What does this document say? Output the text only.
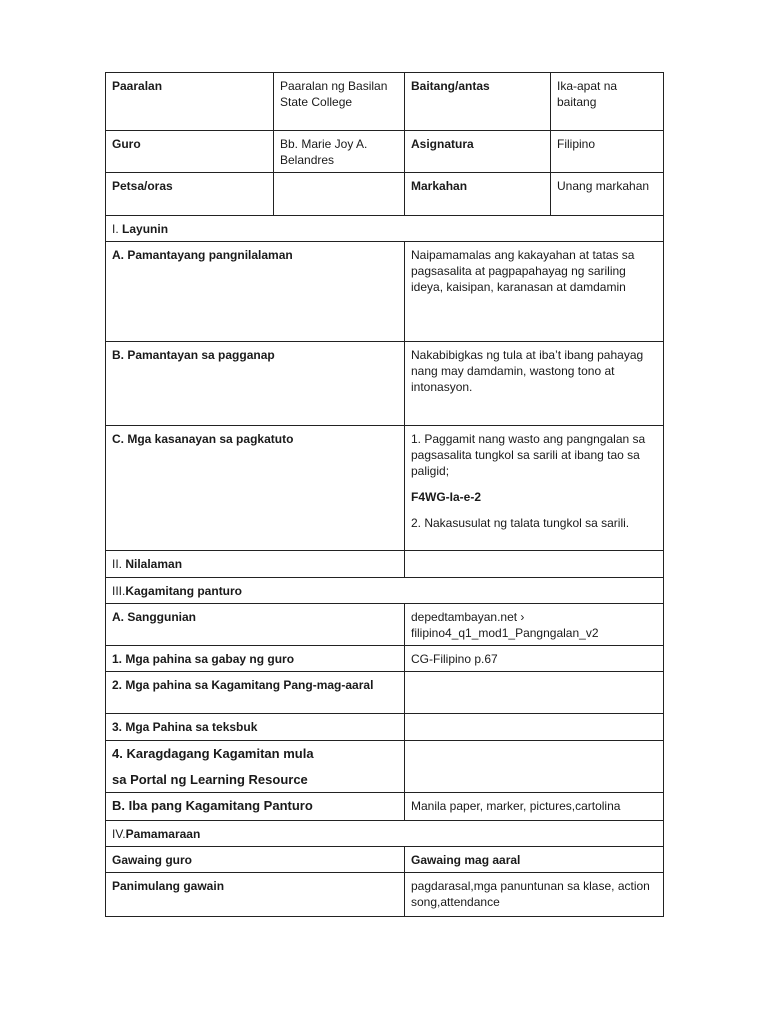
Paaralan	Paaralan ng Basilan State College	Baitang/antas	Ika-apat na baitang
Guro	Bb. Marie Joy A. Belandres	Asignatura	Filipino
Petsa/oras		Markahan	Unang markahan
I. Layunin			
A. Pamantayang pangnilalaman		Naipamamalas ang kakayahan at tatas sa pagsasalita at pagpapahayag ng sariling ideya, kaisipan, karanasan at damdamin	
B. Pamantayan sa pagganap		Nakabibigkas ng tula at iba’t ibang pahayag nang may damdamin, wastong tono at intonasyon.	
C. Mga kasanayan sa pagkatuto		1. Paggamit nang wasto ang pangngalan sa pagsasalita tungkol sa sarili at ibang tao sa paligid;

F4WG-Ia-e-2

2. Nakasusulat ng talata tungkol sa sarili.	

II. Nilalaman			
III.Kagamitang panturo			
A. Sanggunian		depedtambayan.net › filipino4_q1_mod1_Pangngalan_v2	
1. Mga pahina sa gabay ng guro		CG-Filipino p.67	
2. Mga pahina sa Kagamitang Pang-mag-aaral			
3. Mga Pahina sa teksbuk			

4. Karagdagang Kagamitan mula

sa Portal ng Learning Resource			

B. Iba pang Kagamitang Panturo		Manila paper, marker, pictures,cartolina	
IV.Pamamaraan			
Gawaing guro		Gawaing mag aaral	
Panimulang gawain		pagdarasal,mga panuntunan sa klase, action song,attendance	
